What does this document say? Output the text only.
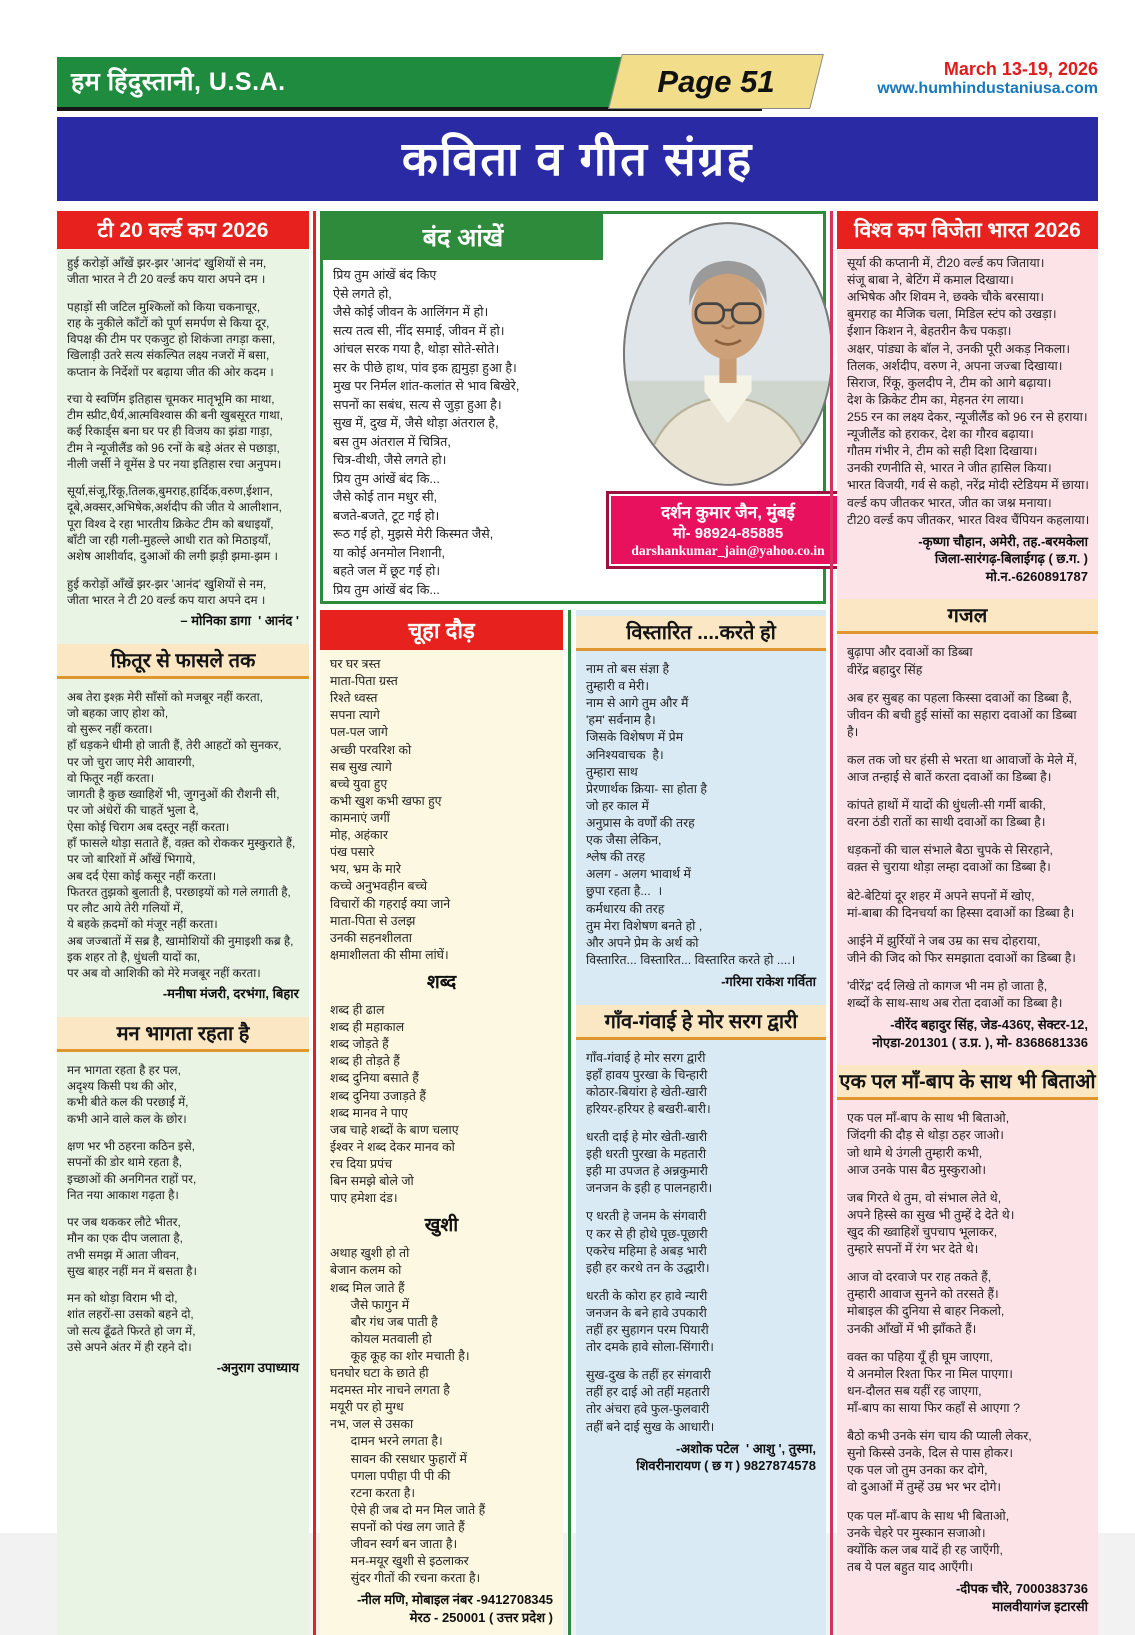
हम हिंदुस्तानी, U.S.A.	Page 51	March 13-19, 2026
www.humhindustaniusa.com
कविता व गीत संग्रह
टी 20 वर्ल्ड कप 2026
हुई करोड़ों आँखें झर-झर 'आनंद' खुशियों से नम,
जीता भारत ने टी 20 वर्ल्ड कप यारा अपने दम ।
पहाड़ों सी जटिल मुश्किलों को किया चकनाचूर,
राह के नुकीले काँटों को पूर्ण समर्पण से किया दूर,
विपक्ष की टीम पर एकजुट हो शिकंजा तगड़ा कसा,
खिलाड़ी उतरे सत्य संकल्पित लक्ष्य नजरों में बसा,
कप्तान के निर्देशों पर बढ़ाया जीत की ओर कदम ।
रचा ये स्वर्णिम इतिहास चूमकर मातृभूमि का माथा,
टीम स्प्रीट,धैर्य,आत्मविश्वास की बनी खुबसूरत गाथा,
कई रिकार्ड्स बना घर पर ही विजय का झंडा गाड़ा,
टीम ने न्यूजीलैंड को 96 रनों के बड़े अंतर से पछाड़ा,
नीली जर्सी ने वूमेंस डे पर नया इतिहास रचा अनुपम।
सूर्या,संजू,रिंकू,तिलक,बुमराह,हार्दिक,वरुण,ईशान,
दूबे,अक्सर,अभिषेक,अर्शदीप की जीत ये आलीशान,
पूरा विश्व दे रहा भारतीय क्रिकेट टीम को बधाइयाँ,
बाँटी जा रही गली-मुहल्ले आधी रात को मिठाइयाँ,
अशेष आशीर्वाद, दुआओं की लगी झड़ी झमा-झम ।
हुई करोड़ों आँखें झर-झर 'आनंद' खुशियों से नम,
जीता भारत ने टी 20 वर्ल्ड कप यारा अपने दम ।
– मोनिका डागा  ' आनंद '
फ़ितूर से फासले तक
अब तेरा इश्क़ मेरी साँसों को मजबूर नहीं करता,
जो बहका जाए होश को,
वो सुरूर नहीं करता।
हाँ धड़कने धीमी हो जाती हैं, तेरी आहटों को सुनकर,
पर जो चुरा जाए मेरी आवारगी,
वो फितूर नहीं करता।
जागती है कुछ ख्वाहिशें भी, जुगनुओं की रौशनी सी,
पर जो अंधेरों की चाहतें भुला दे,
ऐसा कोई चिराग अब दस्तूर नहीं करता।
हाँ फासले थोड़ा सताते हैं, वक़्त को रोककर मुस्कुराते हैं,
पर जो बारिशों में आँखें भिगाये,
अब दर्द ऐसा कोई कसूर नहीं करता।
फितरत तुझको बुलाती है, परछाइयों को गले लगाती है,
पर लौट आये तेरी गलियों में,
ये बहके क़दमों को मंजूर नहीं करता।
अब जज्बातों में सब्र है, खामोशियों की नुमाइशी कब्र है,
इक शहर तो है, धुंधली यादों का,
पर अब वो आशिकी को मेरे मजबूर नहीं करता।
-मनीषा मंजरी, दरभंगा, बिहार
मन भागता रहता है
मन भागता रहता है हर पल,
अदृश्य किसी पथ की ओर,
कभी बीते कल की परछाईं में,
कभी आने वाले कल के छोर।
क्षण भर भी ठहरना कठिन इसे,
सपनों की डोर थामे रहता है,
इच्छाओं की अनगिनत राहों पर,
नित नया आकाश गढ़ता है।
पर जब थककर लौटे भीतर,
मौन का एक दीप जलाता है,
तभी समझ में आता जीवन,
सुख बाहर नहीं मन में बसता है।
मन को थोड़ा विराम भी दो,
शांत लहरों-सा उसको बहने दो,
जो सत्य ढूँढते फिरते हो जग में,
उसे अपने अंतर में ही रहने दो।
-अनुराग उपाध्याय
बंद आंखें
प्रिय तुम आंखें बंद किए
ऐसे लगते हो,
जैसे कोई जीवन के आलिंगन में हो।
सत्य तत्व सी, नींद समाई, जीवन में हो।
आंचल सरक गया है, थोड़ा सोते-सोते।
सर के पीछे हाथ, पांव इक ह्यमुड़ा हुआ है।
मुख पर निर्मल शांत-कलांत से भाव बिखेरे,
सपनों का सबंध, सत्य से जुड़ा हुआ है।
सुख में, दुख में, जैसे थोड़ा अंतराल है,
बस तुम अंतराल में चित्रित,
चित्र-वीथी, जैसे लगते हो।
प्रिय तुम आंखें बंद कि...
जैसे कोई तान मधुर सी,
बजते-बजते, टूट गई हो।
रूठ गई हो, मुझसे मेरी किस्मत जैसे,
या कोई अनमोल निशानी,
बहते जल में छूट गई हो।
प्रिय तुम आंखें बंद कि...
दर्शन कुमार जैन, मुंबई
मो- 98924-85885
darshankumar_jain@yahoo.co.in
चूहा दौड़
घर घर त्रस्त
माता-पिता ग्रस्त
रिश्ते ध्वस्त
सपना त्यागे
पल-पल जागे
अच्छी परवरिश को
सब सुख त्यागे
बच्चे युवा हुए
कभी खुश कभी खफा हुए
कामनाएं जगीं
मोह, अहंकार
पंख पसारे
भय, भ्रम के मारे
कच्चे अनुभवहीन बच्चे
विचारों की गहराई क्या जाने
माता-पिता से उलझ
उनकी सहनशीलता
क्षमाशीलता की सीमा लांघें।
शब्द
शब्द ही ढाल
शब्द ही महाकाल
शब्द जोड़ते हैं
शब्द ही तोड़ते हैं
शब्द दुनिया बसाते हैं
शब्द दुनिया उजाड़ते हैं
शब्द मानव ने पाए
जब चाहे शब्दों के बाण चलाए
ईश्वर ने शब्द देकर मानव को
रच दिया प्रपंच
बिन समझे बोले जो
पाए हमेशा दंड।
खुशी
अथाह खुशी हो तो
बेजान कलम को
शब्द मिल जाते हैं
जैसे फागुन में
बौर गंध जब पाती है
कोयल मतवाली हो
कूह कूह का शोर मचाती है।
घनघोर घटा के छाते ही
मदमस्त मोर नाचने लगता है
मयूरी पर हो मुग्ध
नभ, जल से उसका
दामन भरने लगता है।
सावन की रसधार फुहारों में
पगला पपीहा पी पी की
रटना करता है।
ऐसे ही जब दो मन मिल जाते हैं
सपनों को पंख लग जाते हैं
जीवन स्वर्ग बन जाता है।
मन-मयूर खुशी से इठलाकर
सुंदर गीतों की रचना करता है।
-नील मणि, मोबाइल नंबर -9412708345
मेरठ - 250001 ( उत्तर प्रदेश )
विस्तारित ....करते हो
नाम तो बस संज्ञा है
तुम्हारी व मेरी।
नाम से आगे तुम और मैं
'हम' सर्वनाम है।
जिसके विशेषण में प्रेम
अनिश्यवाचक  है।
तुम्हारा साथ
प्रेरणार्थक क्रिया- सा होता है
जो हर काल में
अनुप्रास के वर्णों की तरह
एक जैसा लेकिन,
श्लेष की तरह
अलग - अलग भावार्थ में
छुपा रहता है...  ।
कर्मधारय की तरह
तुम मेरा विशेषण बनते हो ,
और अपने प्रेम के अर्थ को
विस्तारित... विस्तारित... विस्तारित करते हो ....।
-गरिमा राकेश गर्विता
गाँव-गंवाई हे मोर सरग द्वारी
गाँव-गंवाई हे मोर सरग द्वारी
इहाँ हावय पुरखा के चिन्हारी
कोठार-बियांरा हे खेती-खारी
हरियर-हरियर हे बखरी-बारी।
धरती दाई हे मोर खेती-खारी
इही धरती पुरखा के महतारी
इही मा उपजत हे अन्नकुमारी
जनजन के इही ह पालनहारी।
ए धरती हे जनम के संगवारी
ए कर से ही होथे पूछ-पूछारी
एकरेच महिमा हे अबड़ भारी
इही हर करथे तन के उद्धारी।
धरती के कोरा हर हावे न्यारी
जनजन के बने हावे उपकारी
तहीं हर सुहागन परम पियारी
तोर दमके हावे सोला-सिंगारी।
सुख-दुख के तहीं हर संगवारी
तहीं हर दाई ओ तहीं महतारी
तोर अंचरा हवे फुल-फुलवारी
तहीं बने दाई सुख के आधारी।
-अशोक पटेल  ' आशु ', तुस्मा,
शिवरीनारायण ( छ ग ) 9827874578
विश्व कप विजेता भारत 2026
सूर्या की कप्तानी में, टी20 वर्ल्ड कप जिताया।
संजू बाबा ने, बेटिंग में कमाल दिखाया।
अभिषेक और शिवम ने, छक्के चौके बरसाया।
बुमराह का मैजिक चला, मिडिल स्टंप को उखड़ा।
ईशान किशन ने, बेहतरीन कैच पकड़ा।
अक्षर, पांड्या के बॉल ने, उनकी पूरी अकड़ निकला।
तिलक, अर्शदीप, वरुण ने, अपना जज्बा दिखाया।
सिराज, रिंकू, कुलदीप ने, टीम को आगे बढ़ाया।
देश के क्रिकेट टीम का, मेहनत रंग लाया।
255 रन का लक्ष्य देकर, न्यूजीलैंड को 96 रन से हराया।
न्यूजीलैंड को हराकर, देश का गौरव बढ़ाया।
गौतम गंभीर ने, टीम को सही दिशा दिखाया।
उनकी रणनीति से, भारत ने जीत हासिल किया।
भारत विजयी, गर्व से कहो, नरेंद्र मोदी स्टेडियम में छाया।
वर्ल्ड कप जीतकर भारत, जीत का जश्न मनाया।
टी20 वर्ल्ड कप जीतकर, भारत विश्व चैंपियन कहलाया।
-कृष्णा चौहान, अमेरी, तह.-बरमकेला
जिला-सारंगढ़-बिलाईगढ़ ( छ.ग. )
मो.न.-6260891787
गजल
बुढ़ापा और दवाओं का डिब्बा
वीरेंद्र बहादुर सिंह
अब हर सुबह का पहला किस्सा दवाओं का डिब्बा है,
जीवन की बची हुई सांसों का सहारा दवाओं का डिब्बा है।
कल तक जो घर हंसी से भरता था आवाजों के मेले में,
आज तन्हाई से बातें करता दवाओं का डिब्बा है।
कांपते हाथों में यादों की धुंधली-सी गर्मी बाकी,
वरना ठंडी रातों का साथी दवाओं का डिब्बा है।
धड़कनों की चाल संभाले बैठा चुपके से सिरहाने,
वक़्त से चुराया थोड़ा लम्हा दवाओं का डिब्बा है।
बेटे-बेटियां दूर शहर में अपने सपनों में खोए,
मां-बाबा की दिनचर्या का हिस्सा दवाओं का डिब्बा है।
आईने में झुर्रियों ने जब उम्र का सच दोहराया,
जीने की जिद को फिर समझाता दवाओं का डिब्बा है।
'वीरेंद्र' दर्द लिखे तो कागज भी नम हो जाता है,
शब्दों के साथ-साथ अब रोता दवाओं का डिब्बा है।
-वीरेंद बहादुर सिंह, जेड-436ए, सेक्टर-12,
नोएडा-201301 ( उ.प्र. ), मो- 8368681336
एक पल माँ-बाप के साथ भी बिताओ
एक पल माँ-बाप के साथ भी बिताओ,
जिंदगी की दौड़ से थोड़ा ठहर जाओ।
जो थामे थे उंगली तुम्हारी कभी,
आज उनके पास बैठ मुस्कुराओ।
जब गिरते थे तुम, वो संभाल लेते थे,
अपने हिस्से का सुख भी तुम्हें दे देते थे।
खुद की ख्वाहिशें चुपचाप भूलाकर,
तुम्हारे सपनों में रंग भर देते थे।
आज वो दरवाजे पर राह तकते हैं,
तुम्हारी आवाज सुनने को तरसते हैं।
मोबाइल की दुनिया से बाहर निकलो,
उनकी आँखों में भी झाँकते हैं।
वक्त का पहिया यूँ ही घूम जाएगा,
ये अनमोल रिश्ता फिर ना मिल पाएगा।
धन-दौलत सब यहीं रह जाएगा,
माँ-बाप का साया फिर कहाँ से आएगा ?
बैठो कभी उनके संग चाय की प्याली लेकर,
सुनो किस्से उनके, दिल से पास होकर।
एक पल जो तुम उनका कर दोगे,
वो दुआओं में तुम्हें उम्र भर भर दोगे।
एक पल माँ-बाप के साथ भी बिताओ,
उनके चेहरे पर मुस्कान सजाओ।
क्योंकि कल जब यादें ही रह जाएँगी,
तब ये पल बहुत याद आएँगी।
-दीपक चौरे, 7000383736
मालवीयागंज इटारसी
